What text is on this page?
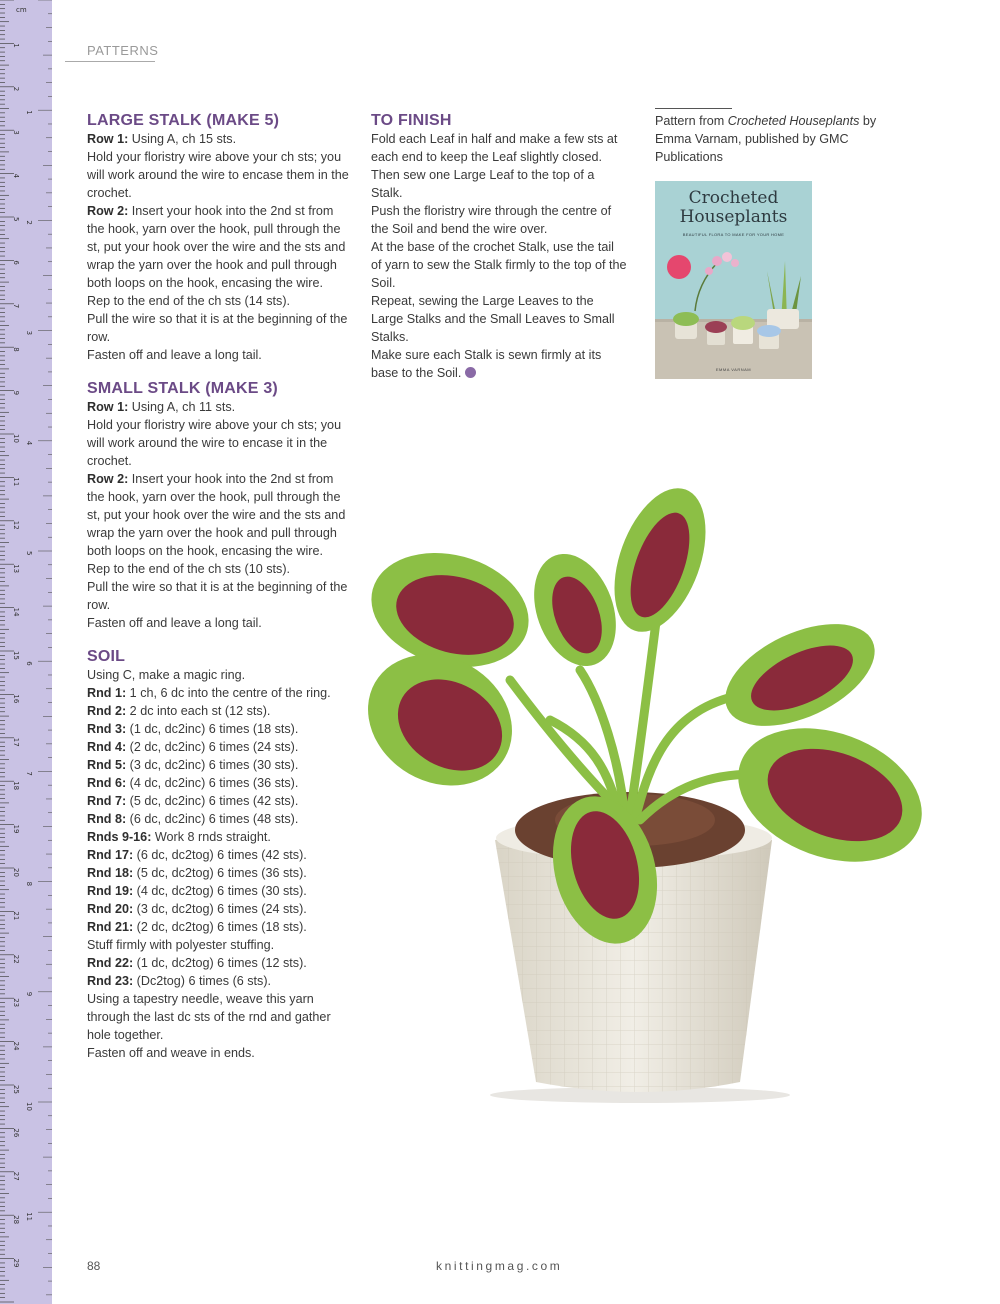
1
2
3
4
5
6
7
8
9
10
11
12
13
14
15
16
17
18
19
20
21
22
23
24
25
26
27
28
29
cm
1
2
3
4
5
6
7
8
9
10
11
PATTERNS
LARGE STALK (MAKE 5)

Row 1: Using A, ch 15 sts.

Hold your floristry wire above your ch sts; you will work around the wire to encase them in the crochet.

Row 2: Insert your hook into the 2nd st from the hook, yarn over the hook, pull through the st, put your hook over the wire and the sts and wrap the yarn over the hook and pull through both loops on the hook, encasing the wire. Rep to the end of the ch sts (14 sts).

Pull the wire so that it is at the beginning of the row.

Fasten off and leave a long tail.

SMALL STALK (MAKE 3)

Row 1: Using A, ch 11 sts.

Hold your floristry wire above your ch sts; you will work around the wire to encase it in the crochet.

Row 2: Insert your hook into the 2nd st from the hook, yarn over the hook, pull through the st, put your hook over the wire and the sts and wrap the yarn over the hook and pull through both loops on the hook, encasing the wire. Rep to the end of the ch sts (10 sts).

Pull the wire so that it is at the beginning of the row.

Fasten off and leave a long tail.

SOIL

Using C, make a magic ring.

Rnd 1: 1 ch, 6 dc into the centre of the ring.

Rnd 2: 2 dc into each st (12 sts).

Rnd 3: (1 dc, dc2inc) 6 times (18 sts).

Rnd 4: (2 dc, dc2inc) 6 times (24 sts).

Rnd 5: (3 dc, dc2inc) 6 times (30 sts).

Rnd 6: (4 dc, dc2inc) 6 times (36 sts).

Rnd 7: (5 dc, dc2inc) 6 times (42 sts).

Rnd 8: (6 dc, dc2inc) 6 times (48 sts).

Rnds 9-16: Work 8 rnds straight.

Rnd 17: (6 dc, dc2tog) 6 times (42 sts).

Rnd 18: (5 dc, dc2tog) 6 times (36 sts).

Rnd 19: (4 dc, dc2tog) 6 times (30 sts).

Rnd 20: (3 dc, dc2tog) 6 times (24 sts).

Rnd 21: (2 dc, dc2tog) 6 times (18 sts).

Stuff firmly with polyester stuffing.

Rnd 22: (1 dc, dc2tog) 6 times (12 sts).

Rnd 23: (Dc2tog) 6 times (6 sts).

Using a tapestry needle, weave this yarn through the last dc sts of the rnd and gather hole together.

Fasten off and weave in ends.

TO FINISH

Fold each Leaf in half and make a few sts at each end to keep the Leaf slightly closed. Then sew one Large Leaf to the top of a Stalk.

Push the floristry wire through the centre of the Soil and bend the wire over.

At the base of the crochet Stalk, use the tail of yarn to sew the Stalk firmly to the top of the Soil.

Repeat, sewing the Large Leaves to the Large Stalks and the Small Leaves to Small Stalks.

Make sure each Stalk is sewn firmly at its base to the Soil.

Pattern from Crocheted Houseplants by Emma Varnam, published by GMC Publications
Crocheted
Houseplants
BEAUTIFUL FLORA TO MAKE FOR YOUR HOME
EMMA VARNAM
88	knittingmag.com
